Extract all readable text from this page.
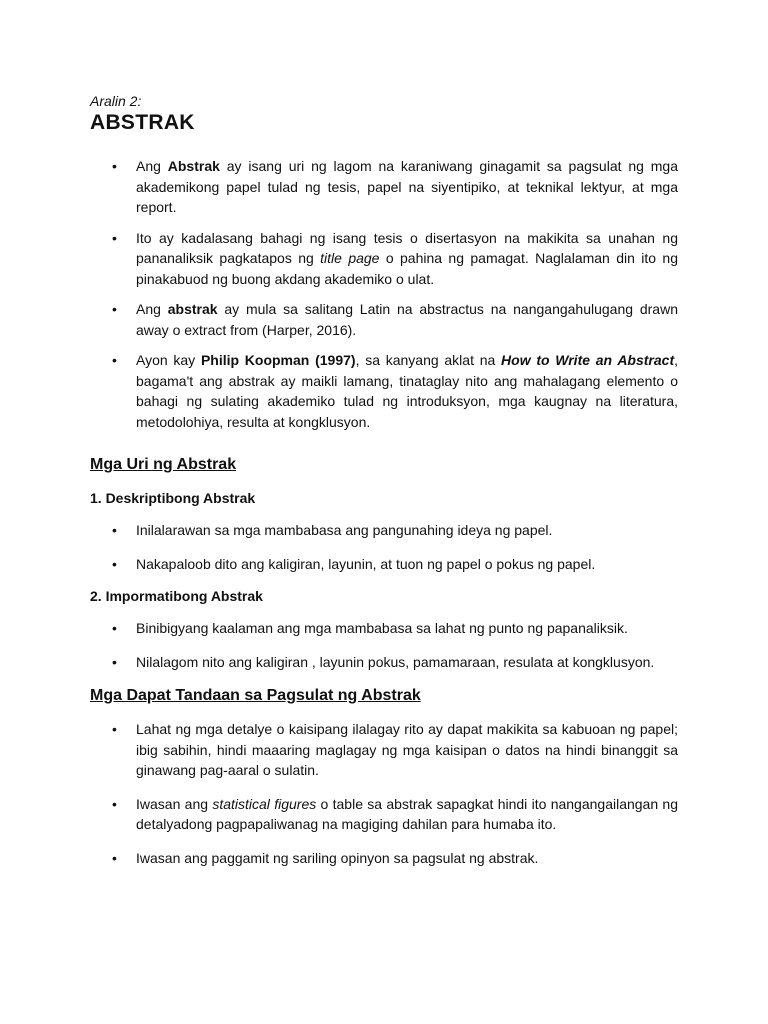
Aralin 2:

ABSTRAK
• Ang Abstrak ay isang uri ng lagom na karaniwang ginagamit sa pagsulat ng mga akademikong papel tulad ng tesis, papel na siyentipiko, at teknikal lektyur, at mga report.
• Ito ay kadalasang bahagi ng isang tesis o disertasyon na makikita sa unahan ng pananaliksik pagkatapos ng title page o pahina ng pamagat. Naglalaman din ito ng pinakabuod ng buong akdang akademiko o ulat.
• Ang abstrak ay mula sa salitang Latin na abstractus na nangangahulugang drawn away o extract from (Harper, 2016).
• Ayon kay Philip Koopman (1997), sa kanyang aklat na How to Write an Abstract, bagama't ang abstrak ay maikli lamang, tinataglay nito ang mahalagang elemento o bahagi ng sulating akademiko tulad ng introduksyon, mga kaugnay na literatura, metodolohiya, resulta at kongklusyon.
Mga Uri ng Abstrak
1. Deskriptibong Abstrak
• Inilalarawan sa mga mambabasa ang pangunahing ideya ng papel.
• Nakapaloob dito ang kaligiran, layunin, at tuon ng papel o pokus ng papel.
2. Impormatibong Abstrak
• Binibigyang kaalaman ang mga mambabasa sa lahat ng punto ng papanaliksik.
• Nilalagom nito ang kaligiran , layunin pokus, pamamaraan, resulata at kongklusyon.
Mga Dapat Tandaan sa Pagsulat ng Abstrak
• Lahat ng mga detalye o kaisipang ilalagay rito ay dapat makikita sa kabuoan ng papel; ibig sabihin, hindi maaaring maglagay ng mga kaisipan o datos na hindi binanggit sa ginawang pag-aaral o sulatin.
• Iwasan ang statistical figures o table sa abstrak sapagkat hindi ito nangangailangan ng detalyadong pagpapaliwanag na magiging dahilan para humaba ito.
• Iwasan ang paggamit ng sariling opinyon sa pagsulat ng abstrak.
